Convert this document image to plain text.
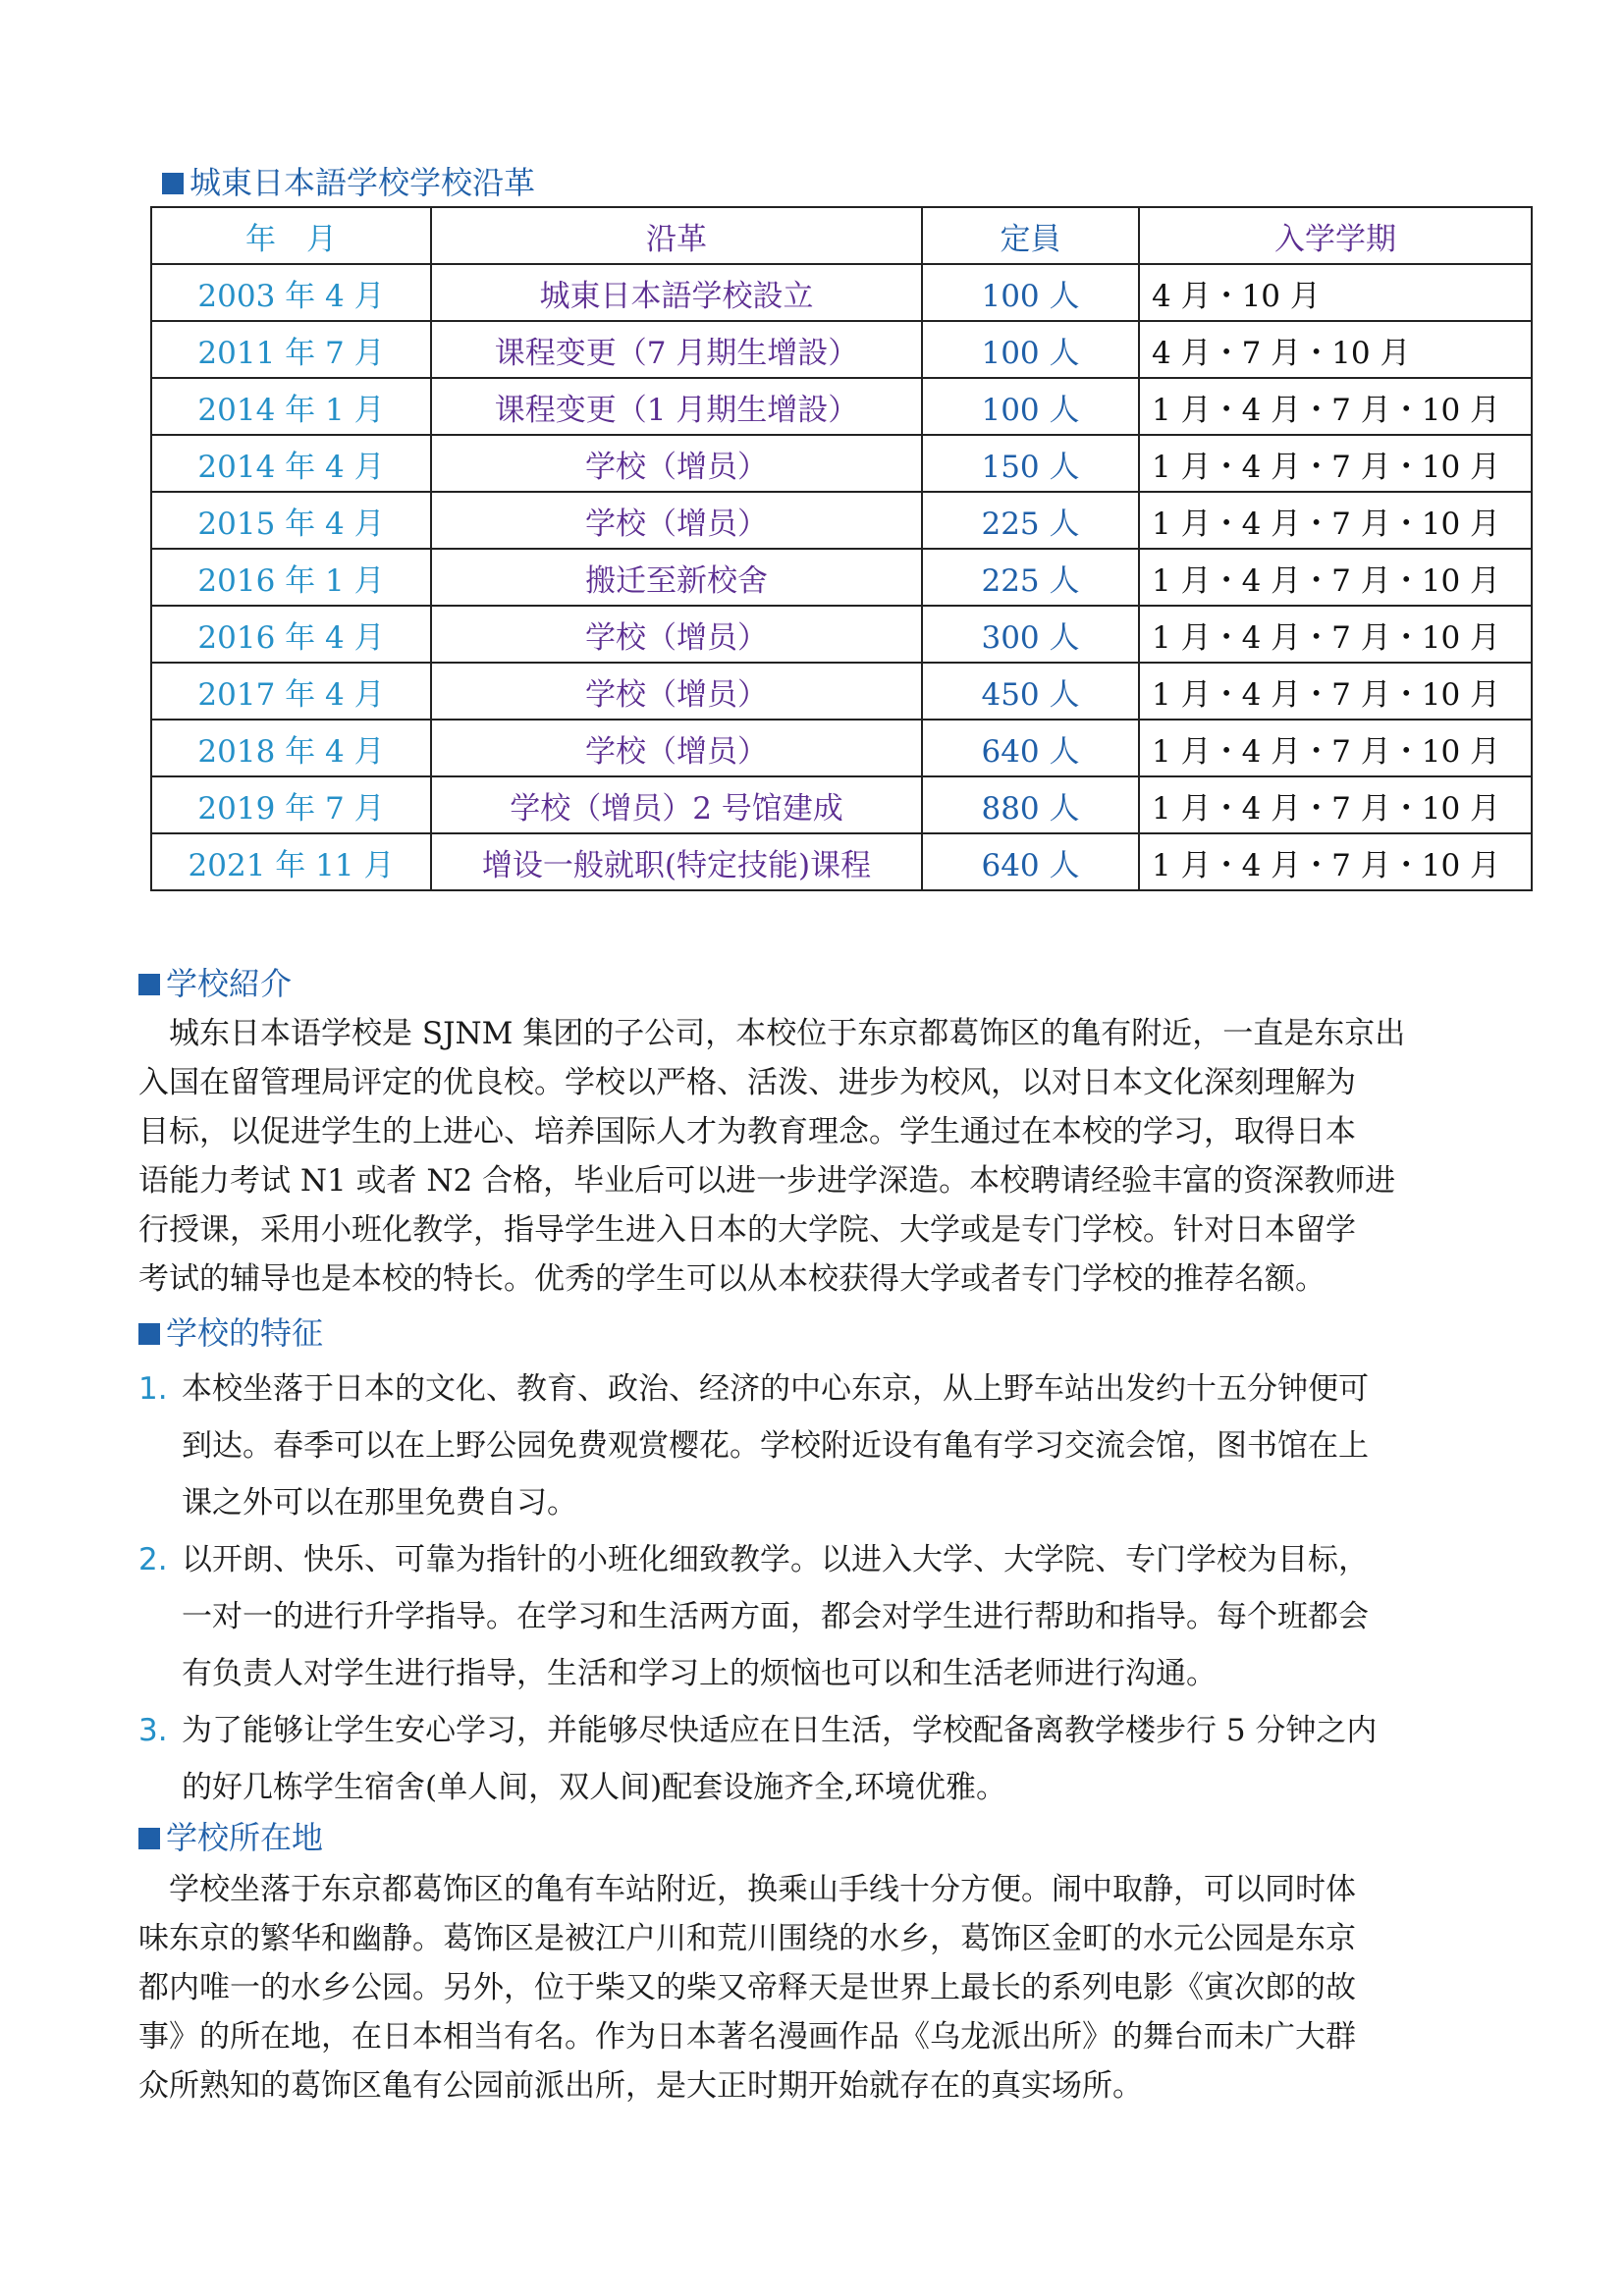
城東日本語学校学校沿革
年　月	沿革	定員	入学学期
2003 年 4 月	城東日本語学校設立	100 人	4 月・10 月
2011 年 7 月	课程变更（7 月期生增設）	100 人	4 月・7 月・10 月
2014 年 1 月	课程变更（1 月期生增設）	100 人	1 月・4 月・7 月・10 月
2014 年 4 月	学校（增员）	150 人	1 月・4 月・7 月・10 月
2015 年 4 月	学校（增员）	225 人	1 月・4 月・7 月・10 月
2016 年 1 月	搬迁至新校舍	225 人	1 月・4 月・7 月・10 月
2016 年 4 月	学校（增员）	300 人	1 月・4 月・7 月・10 月
2017 年 4 月	学校（增员）	450 人	1 月・4 月・7 月・10 月
2018 年 4 月	学校（增员）	640 人	1 月・4 月・7 月・10 月
2019 年 7 月	学校（增员）2 号馆建成	880 人	1 月・4 月・7 月・10 月
2021 年 11 月	增设一般就职(特定技能)课程	640 人	1 月・4 月・7 月・10 月
学校紹介
　城东日本语学校是 SJNM 集团的子公司，本校位于东京都葛饰区的亀有附近，一直是东京出
入国在留管理局评定的优良校。学校以严格、活泼、进步为校风，以对日本文化深刻理解为
目标，以促进学生的上进心、培养国际人才为教育理念。学生通过在本校的学习，取得日本
语能力考试 N1 或者 N2 合格，毕业后可以进一步进学深造。本校聘请经验丰富的资深教师进
行授课，采用小班化教学，指导学生进入日本的大学院、大学或是专门学校。针对日本留学
考试的辅导也是本校的特长。优秀的学生可以从本校获得大学或者专门学校的推荐名额。
学校的特征
1. 本校坐落于日本的文化、教育、政治、经济的中心东京，从上野车站出发约十五分钟便可
到达。春季可以在上野公园免费观赏樱花。学校附近设有亀有学习交流会馆，图书馆在上
课之外可以在那里免费自习。
2. 以开朗、快乐、可靠为指针的小班化细致教学。以进入大学、大学院、专门学校为目标，
一对一的进行升学指导。在学习和生活两方面，都会对学生进行帮助和指导。每个班都会
有负责人对学生进行指导，生活和学习上的烦恼也可以和生活老师进行沟通。
3. 为了能够让学生安心学习，并能够尽快适应在日生活，学校配备离教学楼步行 5 分钟之内
的好几栋学生宿舍(单人间，双人间)配套设施齐全,环境优雅。
学校所在地
　学校坐落于东京都葛饰区的亀有车站附近，换乘山手线十分方便。闹中取静，可以同时体
味东京的繁华和幽静。葛饰区是被江户川和荒川围绕的水乡，葛饰区金町的水元公园是东京
都内唯一的水乡公园。另外，位于柴又的柴又帝释天是世界上最长的系列电影《寅次郎的故
事》的所在地，在日本相当有名。作为日本著名漫画作品《乌龙派出所》的舞台而未广大群
众所熟知的葛饰区亀有公园前派出所，是大正时期开始就存在的真实场所。
